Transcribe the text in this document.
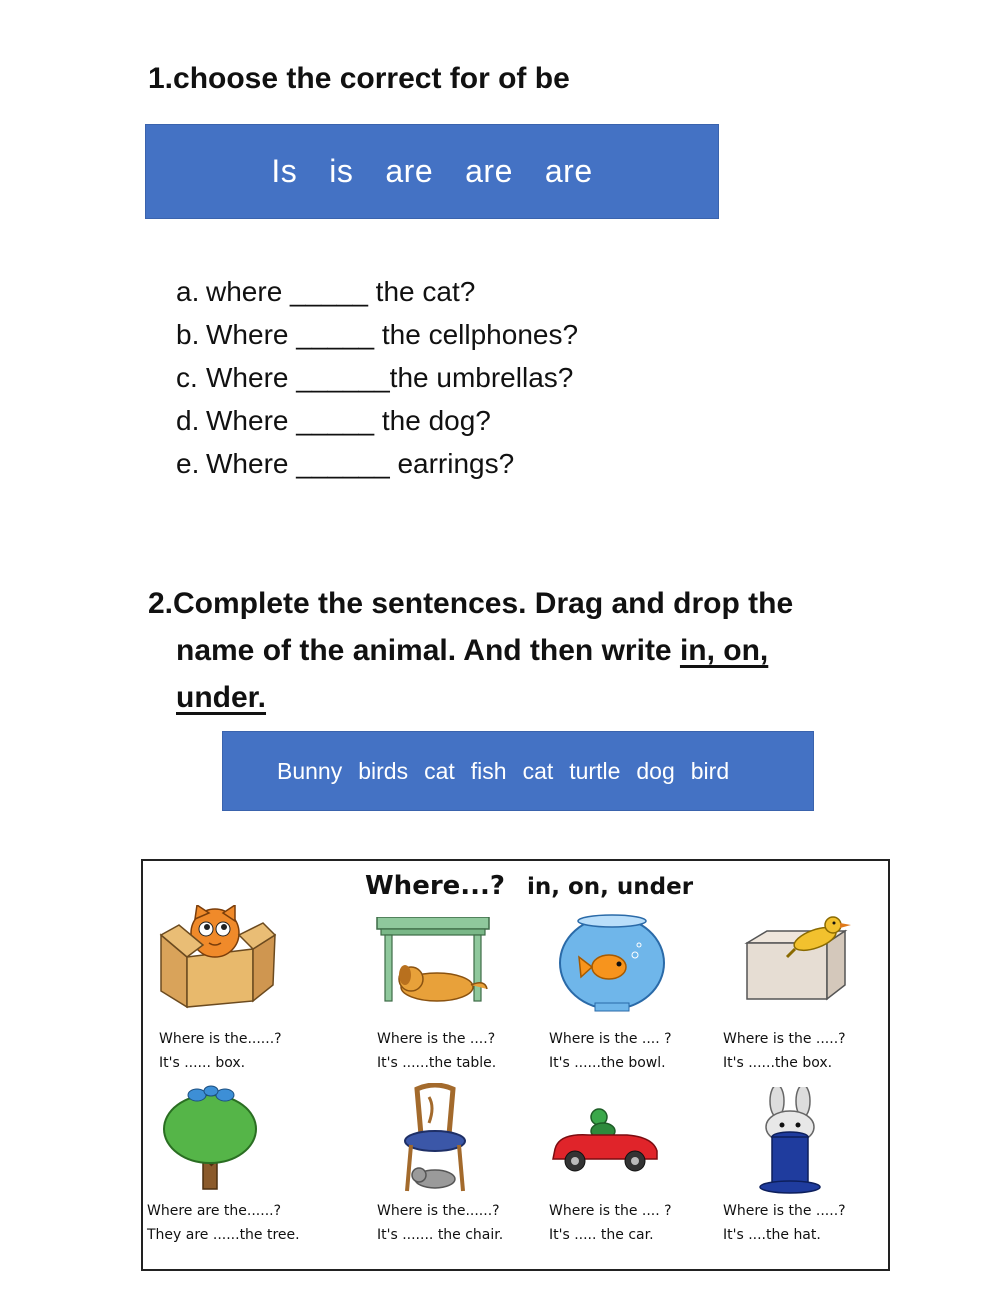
1.choose the correct for of be
Is is are are are
a. where _____ the cat?
b. Where _____ the cellphones?
c. Where ______the umbrellas?
d. Where _____ the dog?
e. Where ______ earrings?
2.Complete the sentences. Drag and drop the
name of the animal. And then write in, on,
under.
Bunny birds cat fish cat turtle dog bird
Where...? in, on, under
Where is the......?
It's ...... box.
Where is the ....?
It's ......the table.
Where is the .... ?
It's ......the bowl.
Where is the .....?
It's ......the box.
Where are the......?
They are ......the tree.
Where is the......?
It's ....... the chair.
Where is the .... ?
It's ..... the car.
Where is the .....?
It's ....the hat.
